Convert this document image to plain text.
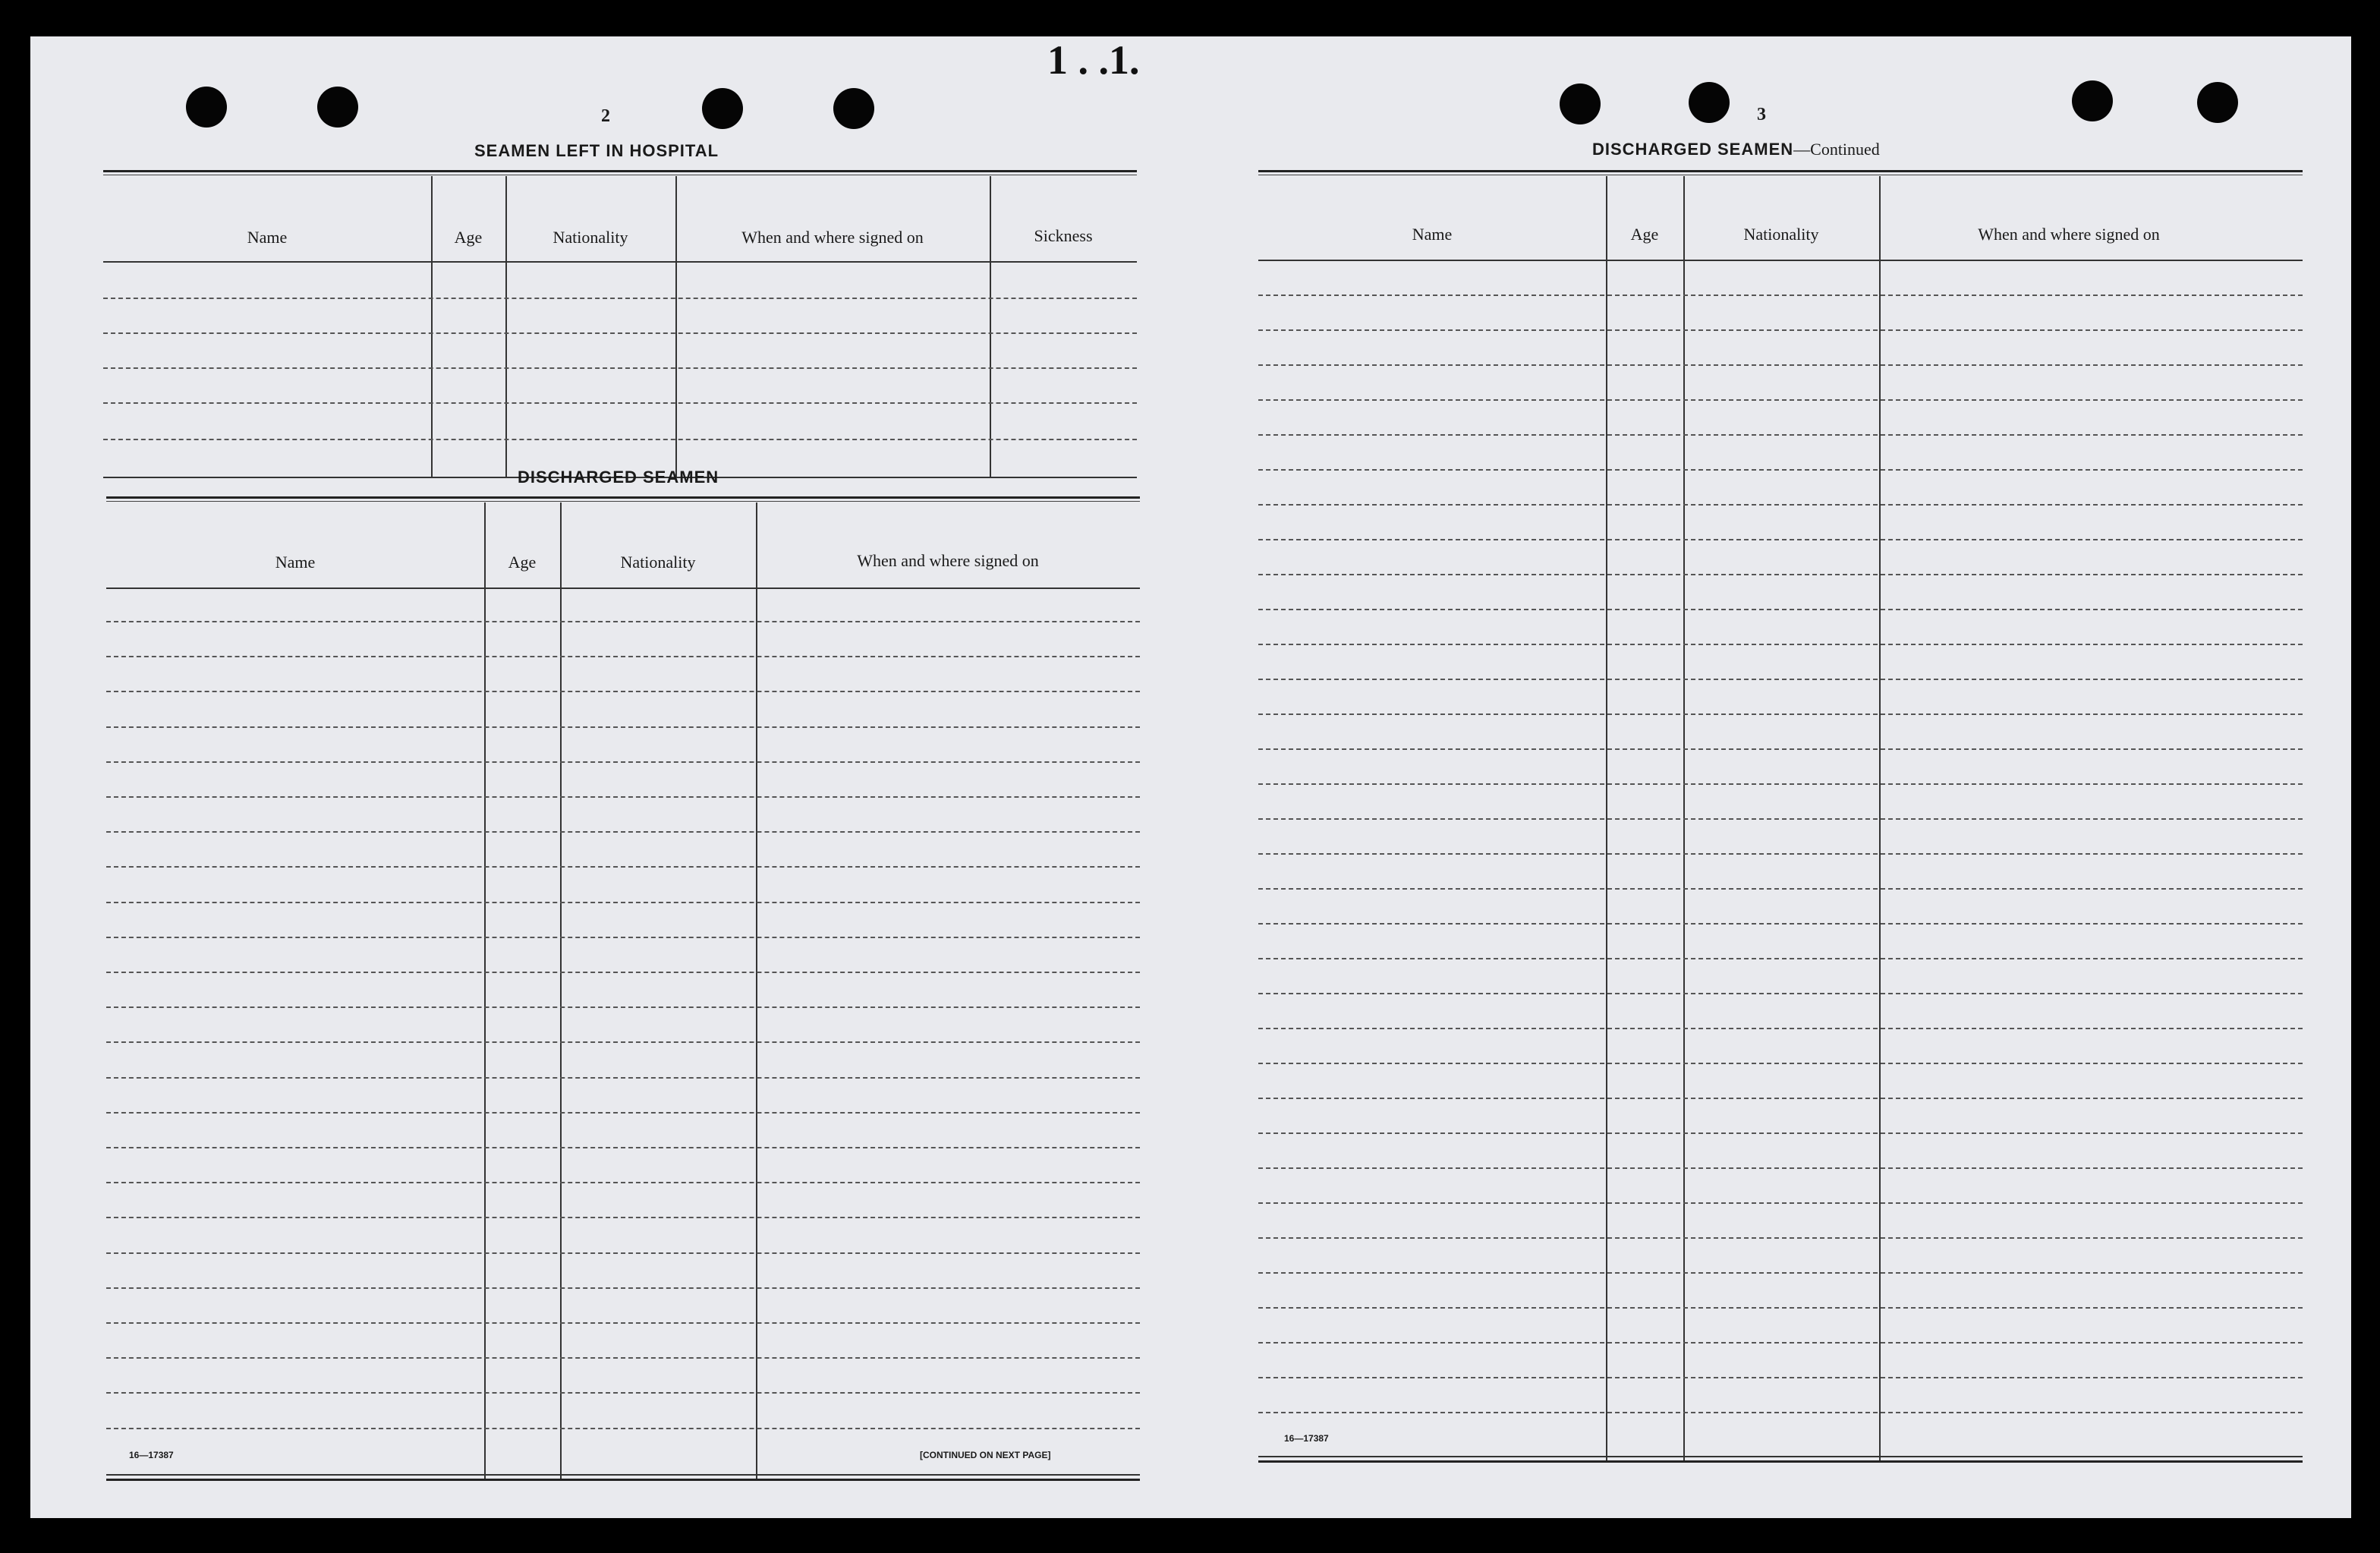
1 . .1.
2
SEAMEN LEFT IN HOSPITAL
Name	Age	Nationality	When and where signed on	Sickness
DISCHARGED SEAMEN
Name	Age	Nationality	When and where signed on
16—17387	[CONTINUED ON NEXT PAGE]
3
DISCHARGED SEAMEN—Continued
Name	Age	Nationality	When and where signed on
16—17387
